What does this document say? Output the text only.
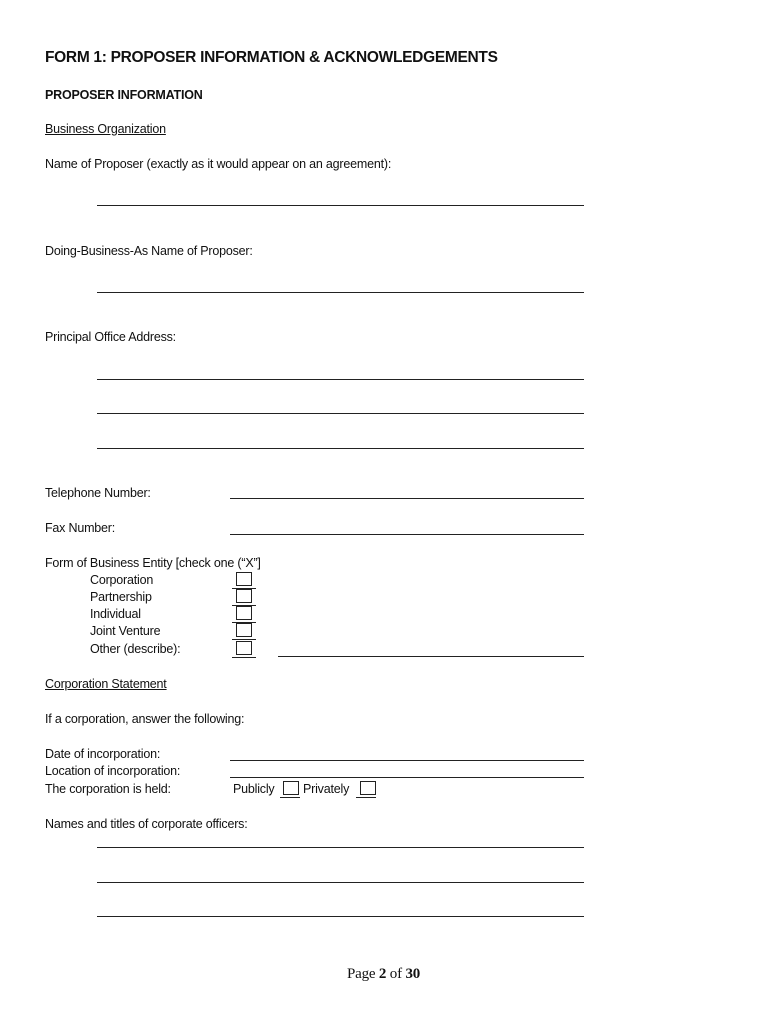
FORM 1: PROPOSER INFORMATION & ACKNOWLEDGEMENTS
PROPOSER INFORMATION
Business Organization
Name of Proposer (exactly as it would appear on an agreement):
Doing-Business-As Name of Proposer:
Principal Office Address:
Telephone Number:
Fax Number:
Form of Business Entity [check one (“X”]
Corporation
Partnership
Individual
Joint Venture
Other (describe):
Corporation Statement
If a corporation, answer the following:
Date of incorporation:
Location of incorporation:
The corporation is held:	Publicly Privately
Names and titles of corporate officers:
Page 2 of 30
